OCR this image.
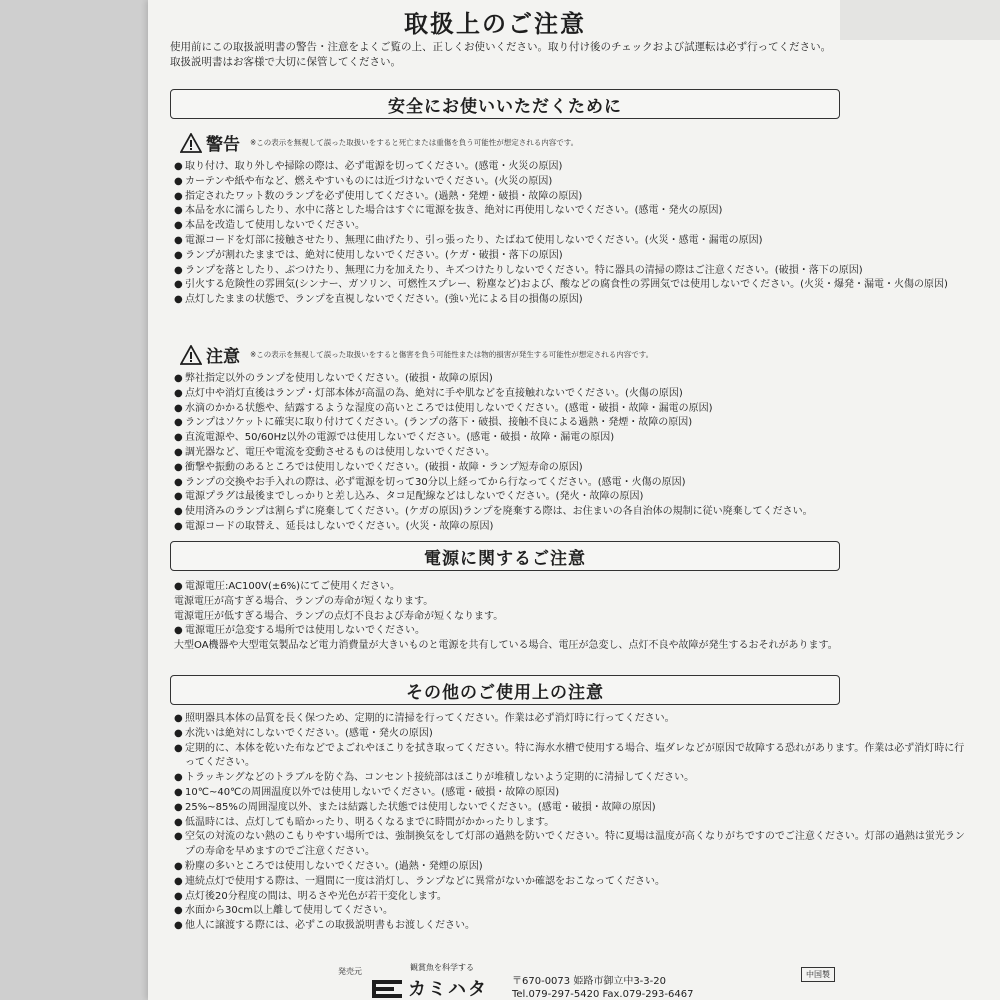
取扱上のご注意
使用前にこの取扱説明書の警告・注意をよくご覧の上、正しくお使いください。取り付け後のチェックおよび試運転は必ず行ってください。
取扱説明書はお客様で大切に保管してください。
安全にお使いいただくために
警告 ※この表示を無視して誤った取扱いをすると死亡または重傷を負う可能性が想定される内容です。
● 取り付け、取り外しや掃除の際は、必ず電源を切ってください。(感電・火災の原因)
● カーテンや紙や布など、燃えやすいものには近づけないでください。(火災の原因)
● 指定されたワット数のランプを必ず使用してください。(過熱・発煙・破損・故障の原因)
● 本品を水に濡らしたり、水中に落とした場合はすぐに電源を抜き、絶対に再使用しないでください。(感電・発火の原因)
● 本品を改造して使用しないでください。
● 電源コードを灯部に接触させたり、無理に曲げたり、引っ張ったり、たばねて使用しないでください。(火災・感電・漏電の原因)
● ランプが割れたままでは、絶対に使用しないでください。(ケガ・破損・落下の原因)
● ランプを落としたり、ぶつけたり、無理に力を加えたり、キズつけたりしないでください。特に器具の清掃の際はご注意ください。(破損・落下の原因)
● 引火する危険性の雰囲気(シンナー、ガソリン、可燃性スプレー、粉塵など)および、酸などの腐食性の雰囲気では使用しないでください。(火災・爆発・漏電・火傷の原因)
● 点灯したままの状態で、ランプを直視しないでください。(強い光による目の損傷の原因)
注意 ※この表示を無視して誤った取扱いをすると傷害を負う可能性または物的損害が発生する可能性が想定される内容です。
● 弊社指定以外のランプを使用しないでください。(破損・故障の原因)
● 点灯中や消灯直後はランプ・灯部本体が高温の為、絶対に手や肌などを直接触れないでください。(火傷の原因)
● 水滴のかかる状態や、結露するような湿度の高いところでは使用しないでください。(感電・破損・故障・漏電の原因)
● ランプはソケットに確実に取り付けてください。(ランプの落下・破損、接触不良による過熱・発煙・故障の原因)
● 直流電源や、50/60Hz以外の電源では使用しないでください。(感電・破損・故障・漏電の原因)
● 調光器など、電圧や電流を変動させるものは使用しないでください。
● 衝撃や振動のあるところでは使用しないでください。(破損・故障・ランプ短寿命の原因)
● ランプの交換やお手入れの際は、必ず電源を切って30分以上経ってから行なってください。(感電・火傷の原因)
● 電源プラグは最後までしっかりと差し込み、タコ足配線などはしないでください。(発火・故障の原因)
● 使用済みのランプは割らずに廃棄してください。(ケガの原因)ランプを廃棄する際は、お住まいの各自治体の規制に従い廃棄してください。
● 電源コードの取替え、延長はしないでください。(火災・故障の原因)
電源に関するご注意
● 電源電圧:AC100V(±6%)にてご使用ください。
電源電圧が高すぎる場合、ランプの寿命が短くなります。
電源電圧が低すぎる場合、ランプの点灯不良および寿命が短くなります。
● 電源電圧が急変する場所では使用しないでください。
大型OA機器や大型電気製品など電力消費量が大きいものと電源を共有している場合、電圧が急変し、点灯不良や故障が発生するおそれがあります。
その他のご使用上の注意
● 照明器具本体の品質を長く保つため、定期的に清掃を行ってください。作業は必ず消灯時に行ってください。
● 水洗いは絶対にしないでください。(感電・発火の原因)
● 定期的に、本体を乾いた布などでよごれやほこりを拭き取ってください。特に海水水槽で使用する場合、塩ダレなどが原因で故障する恐れがあります。作業は必ず消灯時に行ってください。
● トラッキングなどのトラブルを防ぐ為、コンセント接続部はほこりが堆積しないよう定期的に清掃してください。
● 10℃~40℃の周囲温度以外では使用しないでください。(感電・破損・故障の原因)
● 25%~85%の周囲湿度以外、または結露した状態では使用しないでください。(感電・破損・故障の原因)
● 低温時には、点灯しても暗かったり、明るくなるまでに時間がかかったりします。
● 空気の対流のない熱のこもりやすい場所では、強制換気をして灯部の過熱を防いでください。特に夏場は温度が高くなりがちですのでご注意ください。灯部の過熱は蛍光ランプの寿命を早めますのでご注意ください。
● 粉塵の多いところでは使用しないでください。(過熱・発煙の原因)
● 連続点灯で使用する際は、一週間に一度は消灯し、ランプなどに異常がないか確認をおこなってください。
● 点灯後20分程度の間は、明るさや光色が若干変化します。
● 水面から30cm以上離して使用してください。
● 他人に譲渡する際には、必ずこの取扱説明書もお渡しください。
発売元	観賞魚を科学する
カミハタ 〒670-0073 姫路市御立中3-3-20
Tel.079-297-5420 Fax.079-293-6467
中国製
